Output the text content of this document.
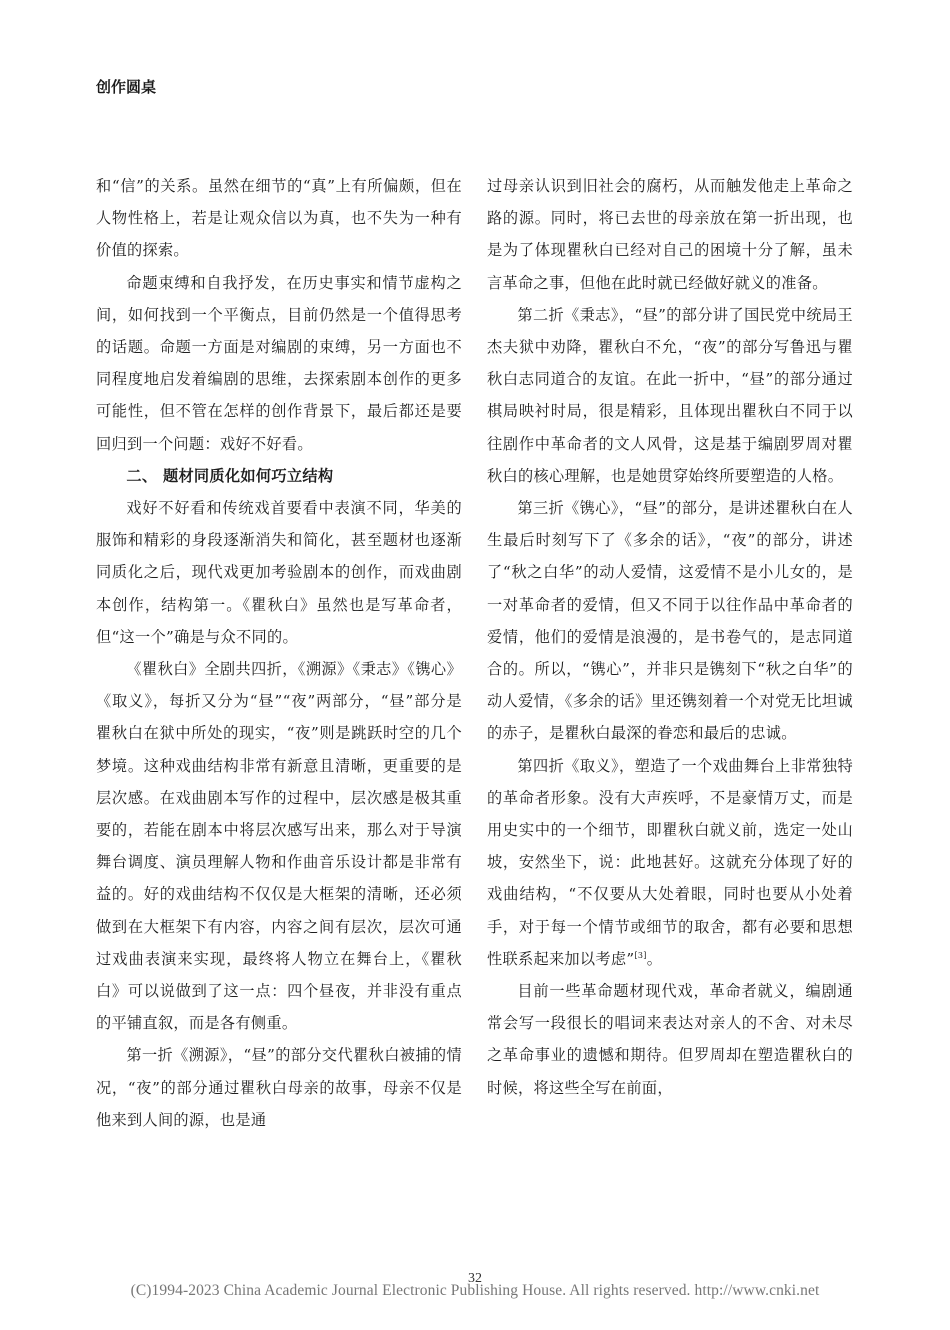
创作圆桌

和“信”的关系。虽然在细节的“真”上有所偏颇，但在人物性格上，若是让观众信以为真，也不失为一种有价值的探索。

命题束缚和自我抒发，在历史事实和情节虚构之间，如何找到一个平衡点，目前仍然是一个值得思考的话题。命题一方面是对编剧的束缚，另一方面也不同程度地启发着编剧的思维，去探索剧本创作的更多可能性，但不管在怎样的创作背景下，最后都还是要回归到一个问题：戏好不好看。

二、 题材同质化如何巧立结构

戏好不好看和传统戏首要看中表演不同，华美的服饰和精彩的身段逐渐消失和简化，甚至题材也逐渐同质化之后，现代戏更加考验剧本的创作，而戏曲剧本创作，结构第一。《瞿秋白》虽然也是写革命者，但“这一个”确是与众不同的。

《瞿秋白》全剧共四折，《溯源》《秉志》《镌心》《取义》，每折又分为“昼”“夜”两部分，“昼”部分是瞿秋白在狱中所处的现实，“夜”则是跳跃时空的几个梦境。这种戏曲结构非常有新意且清晰，更重要的是层次感。在戏曲剧本写作的过程中，层次感是极其重要的，若能在剧本中将层次感写出来，那么对于导演舞台调度、演员理解人物和作曲音乐设计都是非常有益的。好的戏曲结构不仅仅是大框架的清晰，还必须做到在大框架下有内容，内容之间有层次，层次可通过戏曲表演来实现，最终将人物立在舞台上，《瞿秋白》可以说做到了这一点：四个昼夜，并非没有重点的平铺直叙，而是各有侧重。

第一折《溯源》，“昼”的部分交代瞿秋白被捕的情况，“夜”的部分通过瞿秋白母亲的故事，母亲不仅是他来到人间的源，也是通

过母亲认识到旧社会的腐朽，从而触发他走上革命之路的源。同时，将已去世的母亲放在第一折出现，也是为了体现瞿秋白已经对自己的困境十分了解，虽未言革命之事，但他在此时就已经做好就义的准备。

第二折《秉志》，“昼”的部分讲了国民党中统局王杰夫狱中劝降，瞿秋白不允，“夜”的部分写鲁迅与瞿秋白志同道合的友谊。在此一折中，“昼”的部分通过棋局映衬时局，很是精彩，且体现出瞿秋白不同于以往剧作中革命者的文人风骨，这是基于编剧罗周对瞿秋白的核心理解，也是她贯穿始终所要塑造的人格。

第三折《镌心》，“昼”的部分，是讲述瞿秋白在人生最后时刻写下了《多余的话》，“夜”的部分，讲述了“秋之白华”的动人爱情，这爱情不是小儿女的，是一对革命者的爱情，但又不同于以往作品中革命者的爱情，他们的爱情是浪漫的，是书卷气的，是志同道合的。所以，“镌心”，并非只是镌刻下“秋之白华”的动人爱情，《多余的话》里还镌刻着一个对党无比坦诚的赤子，是瞿秋白最深的眷恋和最后的忠诚。

第四折《取义》，塑造了一个戏曲舞台上非常独特的革命者形象。没有大声疾呼，不是豪情万丈，而是用史实中的一个细节，即瞿秋白就义前，选定一处山坡，安然坐下，说：此地甚好。这就充分体现了好的戏曲结构，“不仅要从大处着眼，同时也要从小处着手，对于每一个情节或细节的取舍，都有必要和思想性联系起来加以考虑”[3]。

目前一些革命题材现代戏，革命者就义，编剧通常会写一段很长的唱词来表达对亲人的不舍、对未尽之革命事业的遗憾和期待。但罗周却在塑造瞿秋白的时候，将这些全写在前面，

32
(C)1994-2023 China Academic Journal Electronic Publishing House. All rights reserved. http://www.cnki.net
